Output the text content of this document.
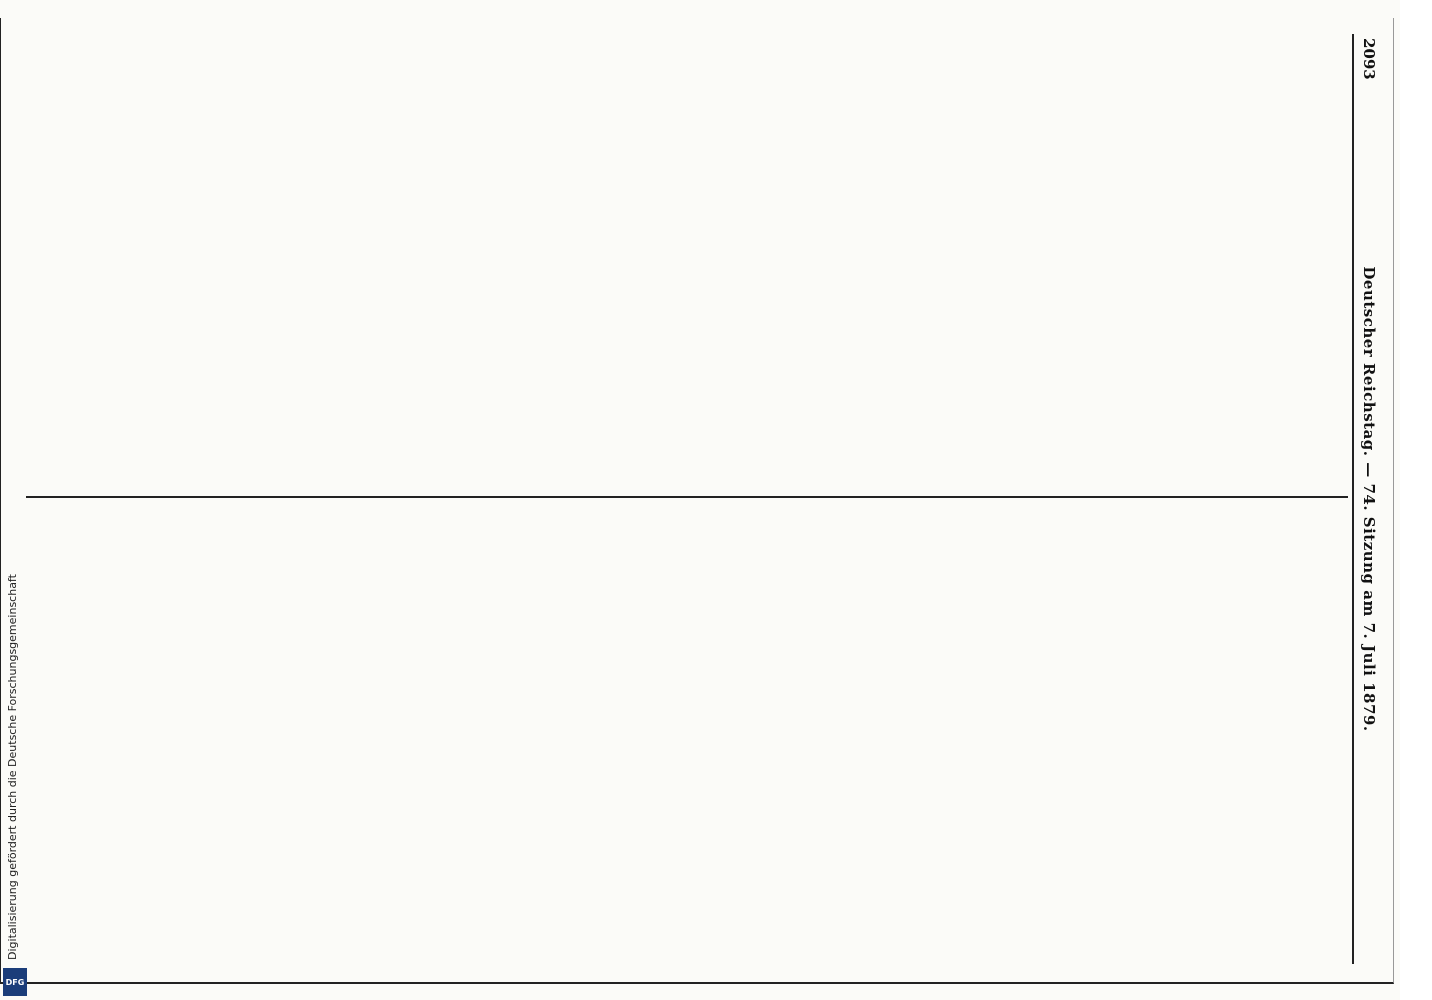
2093
Deutscher Reichstag. — 74. Sitzung am 7. Juli 1879.
Digitalisierung gefördert durch die Deutsche Forschungsgemeinschaft
DFG
